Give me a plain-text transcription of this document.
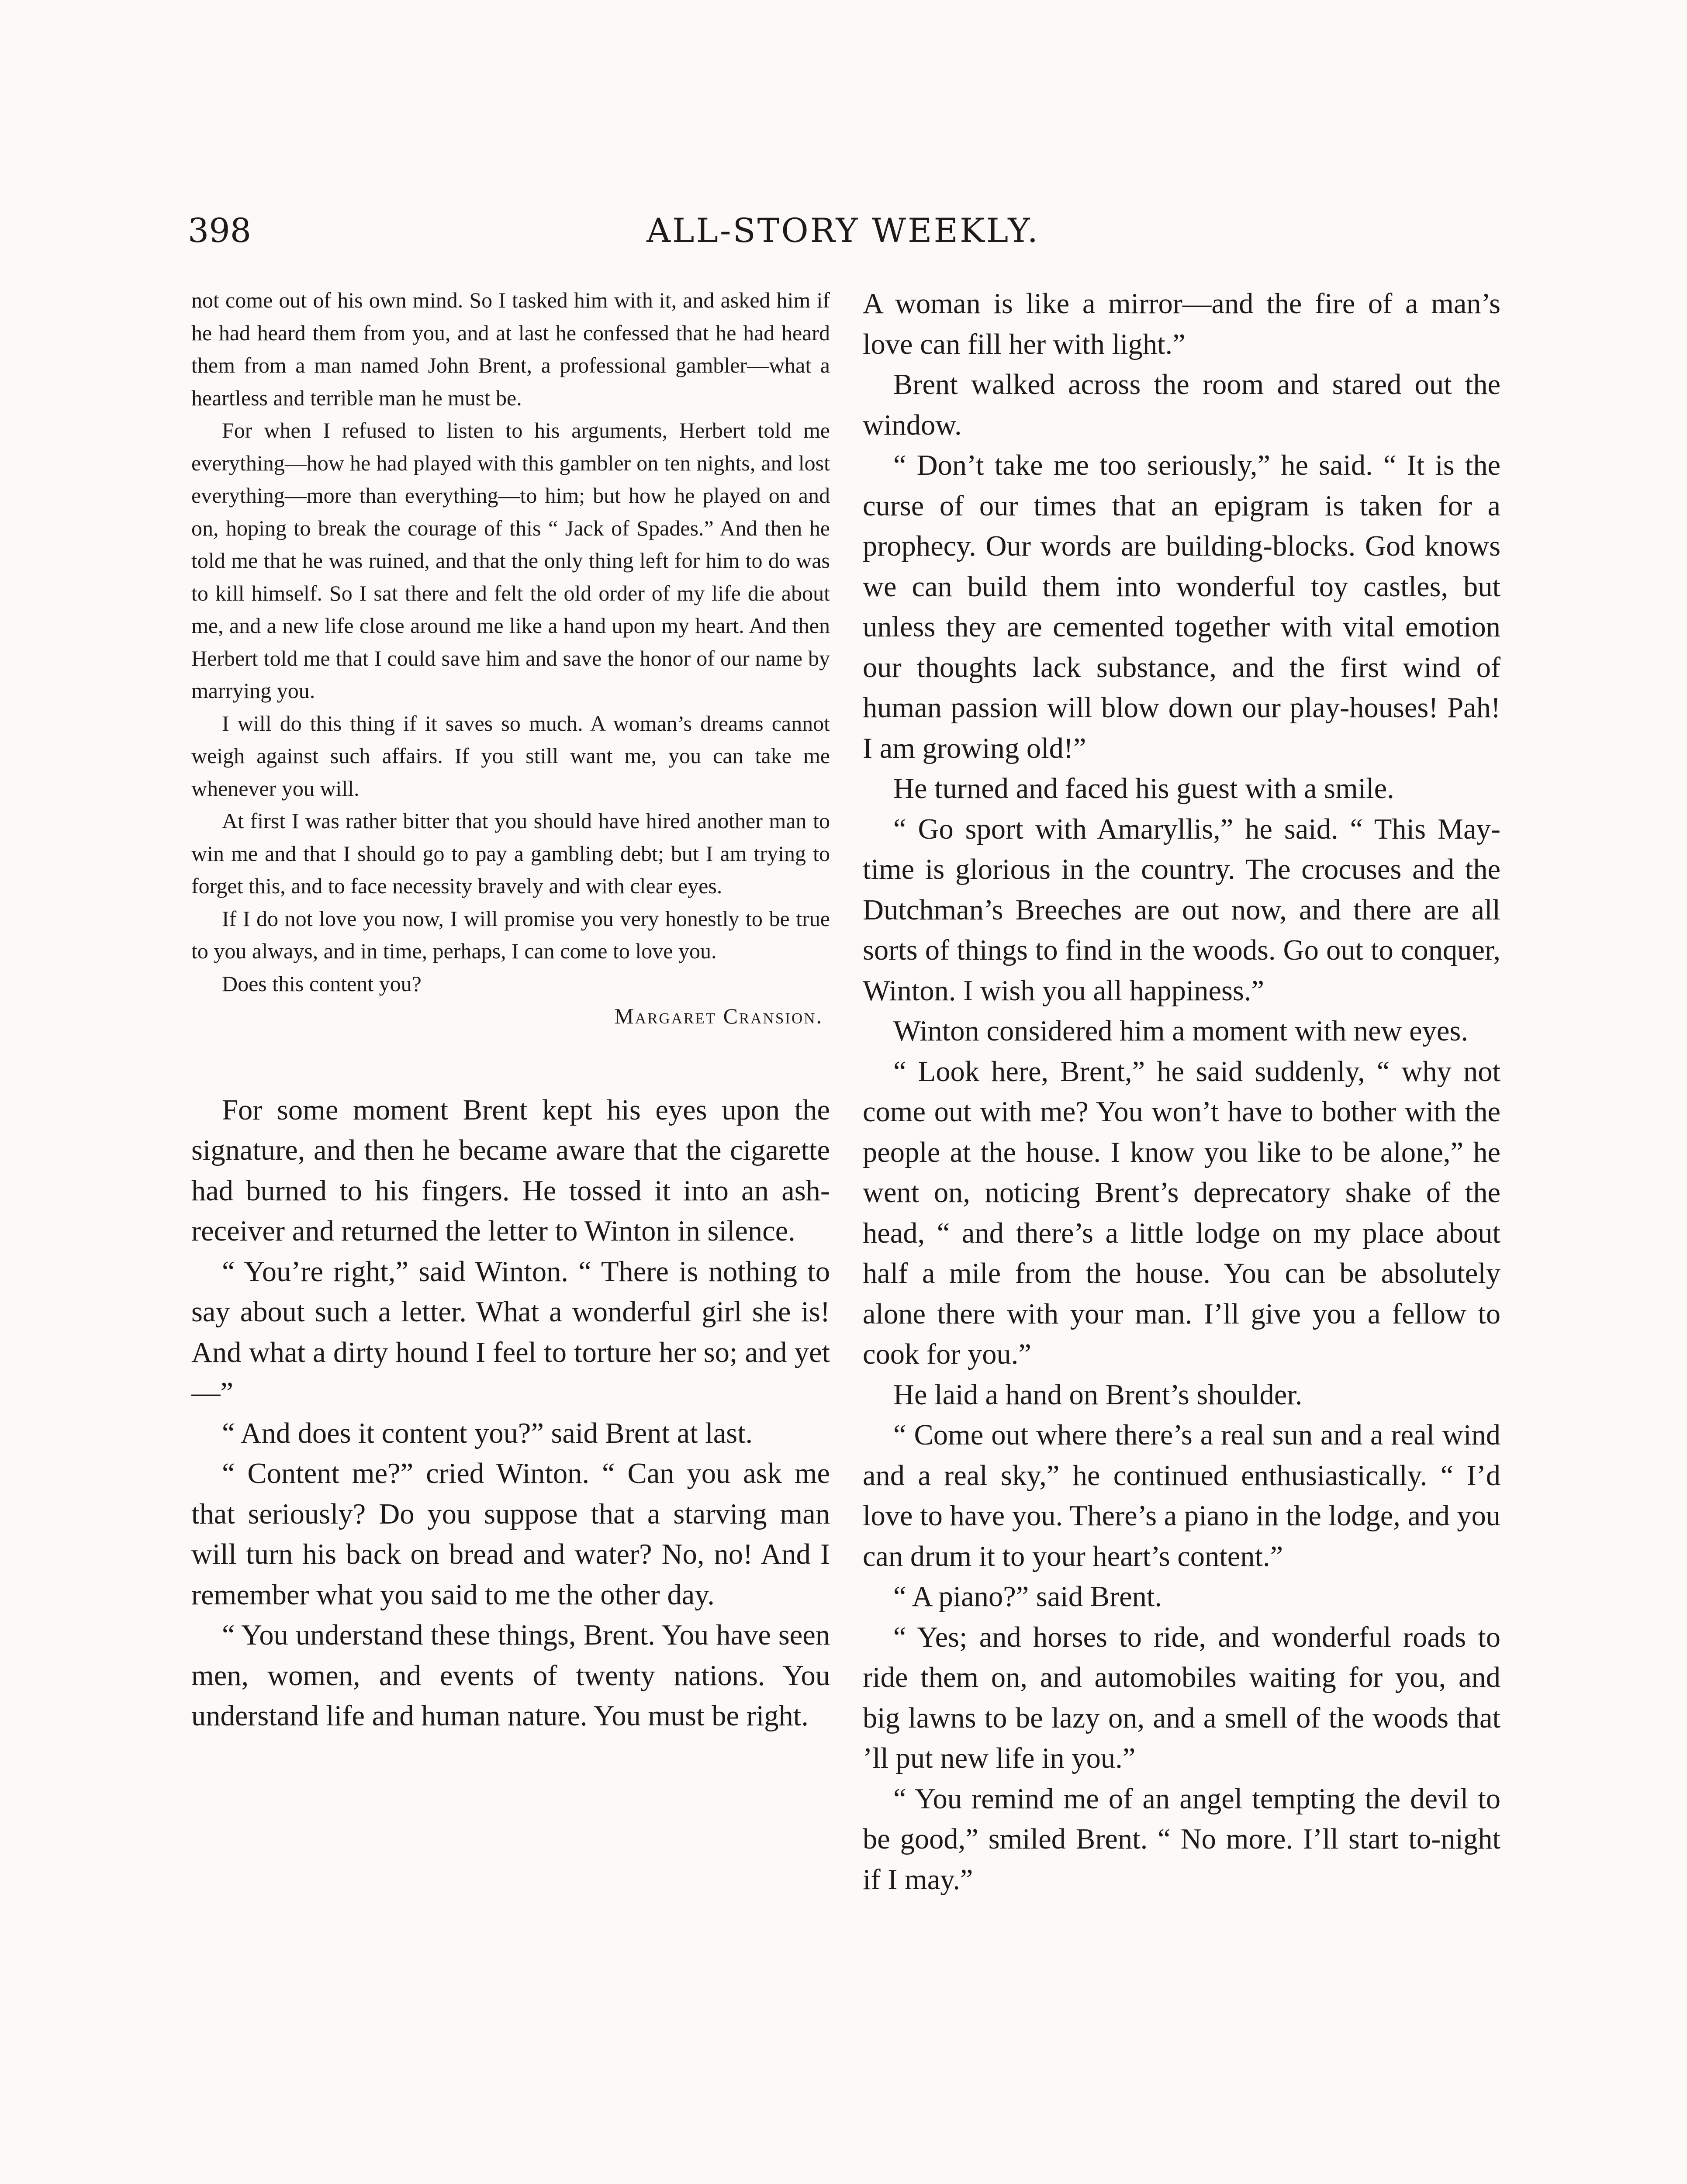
398	ALL-STORY WEEKLY.

not come out of his own mind. So I tasked him with it, and asked him if he had heard them from you, and at last he confessed that he had heard them from a man named John Brent, a professional gambler—what a heartless and terrible man he must be.

For when I refused to listen to his arguments, Herbert told me everything—how he had played with this gambler on ten nights, and lost everything—more than everything—to him; but how he played on and on, hoping to break the courage of this “ Jack of Spades.” And then he told me that he was ruined, and that the only thing left for him to do was to kill himself. So I sat there and felt the old order of my life die about me, and a new life close around me like a hand upon my heart. And then Herbert told me that I could save him and save the honor of our name by marrying you.

I will do this thing if it saves so much. A woman’s dreams cannot weigh against such affairs. If you still want me, you can take me whenever you will.

At first I was rather bitter that you should have hired another man to win me and that I should go to pay a gambling debt; but I am trying to forget this, and to face necessity bravely and with clear eyes.

If I do not love you now, I will promise you very honestly to be true to you always, and in time, perhaps, I can come to love you.

Does this content you?

Margaret Cransion.

For some moment Brent kept his eyes upon the signature, and then he became aware that the cigarette had burned to his fingers. He tossed it into an ash-receiver and returned the letter to Winton in silence.

“ You’re right,” said Winton. “ There is nothing to say about such a letter. What a wonderful girl she is! And what a dirty hound I feel to torture her so; and yet—”

“ And does it content you?” said Brent at last.

“ Content me?” cried Winton. “ Can you ask me that seriously? Do you suppose that a starving man will turn his back on bread and water? No, no! And I remember what you said to me the other day.

“ You understand these things, Brent. You have seen men, women, and events of twenty nations. You understand life and human nature. You must be right.

A woman is like a mirror—and the fire of a man’s love can fill her with light.”

Brent walked across the room and stared out the window.

“ Don’t take me too seriously,” he said. “ It is the curse of our times that an epigram is taken for a prophecy. Our words are building-blocks. God knows we can build them into wonderful toy castles, but unless they are cemented together with vital emotion our thoughts lack substance, and the first wind of human passion will blow down our play-houses! Pah! I am growing old!”

He turned and faced his guest with a smile.

“ Go sport with Amaryllis,” he said. “ This May-time is glorious in the country. The crocuses and the Dutchman’s Breeches are out now, and there are all sorts of things to find in the woods. Go out to conquer, Winton. I wish you all happiness.”

Winton considered him a moment with new eyes.

“ Look here, Brent,” he said suddenly, “ why not come out with me? You won’t have to bother with the people at the house. I know you like to be alone,” he went on, noticing Brent’s deprecatory shake of the head, “ and there’s a little lodge on my place about half a mile from the house. You can be absolutely alone there with your man. I’ll give you a fellow to cook for you.”

He laid a hand on Brent’s shoulder.

“ Come out where there’s a real sun and a real wind and a real sky,” he continued enthusiastically. “ I’d love to have you. There’s a piano in the lodge, and you can drum it to your heart’s content.”

“ A piano?” said Brent.

“ Yes; and horses to ride, and wonderful roads to ride them on, and automobiles waiting for you, and big lawns to be lazy on, and a smell of the woods that ’ll put new life in you.”

“ You remind me of an angel tempting the devil to be good,” smiled Brent. “ No more. I’ll start to-night if I may.”
